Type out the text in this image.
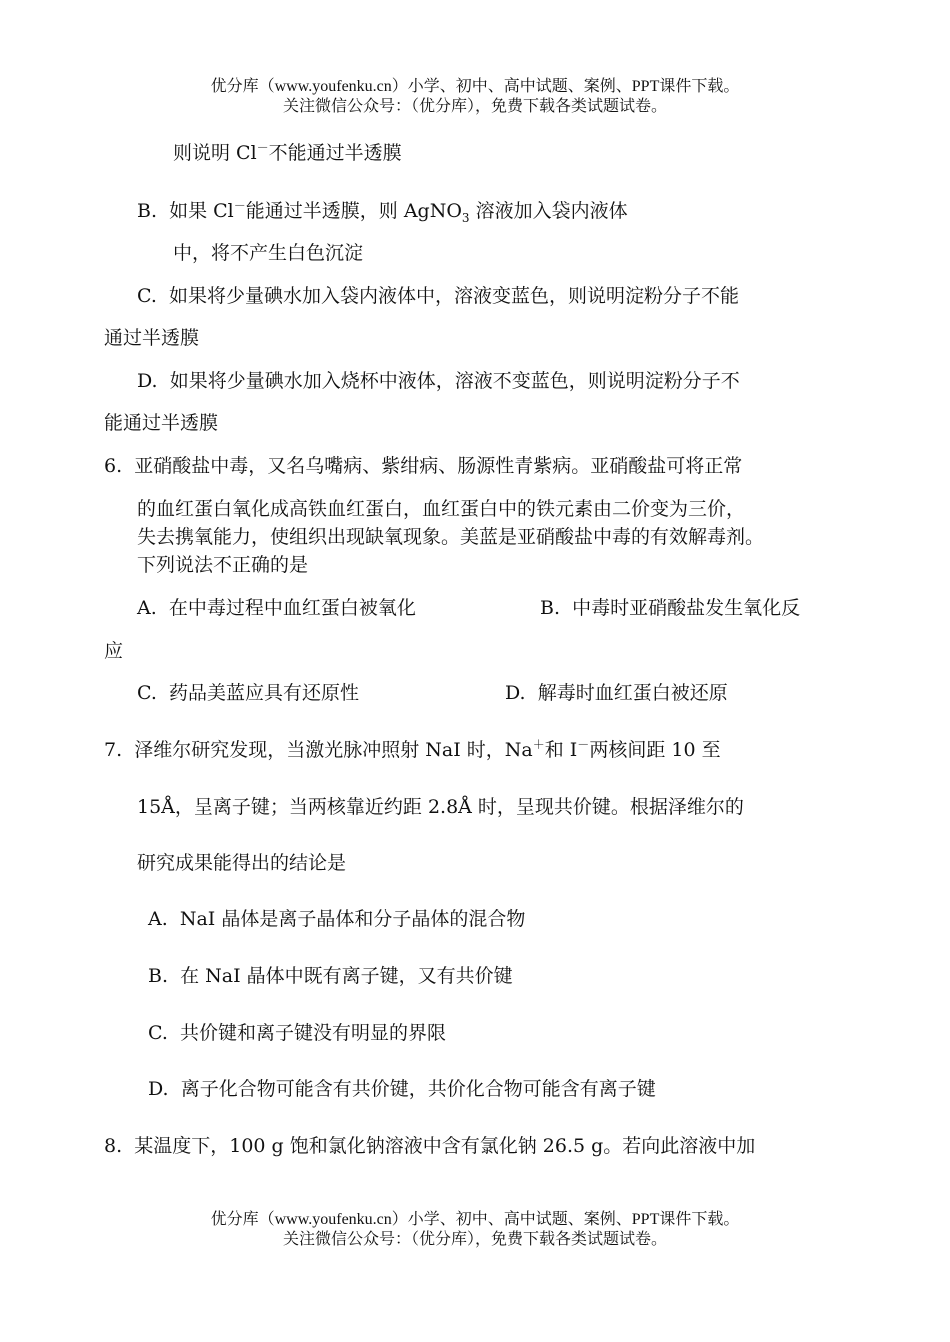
优分库（www.youfenku.cn）小学、初中、高中试题、案例、PPT课件下载。
关注微信公众号：（优分库），免费下载各类试题试卷。
则说明 Cl－不能通过半透膜
B. 如果 Cl－能通过半透膜，则 AgNO$_3$ 溶液加入袋内液体
中，将不产生白色沉淀
C. 如果将少量碘水加入袋内液体中，溶液变蓝色，则说明淀粉分子不能
通过半透膜
D. 如果将少量碘水加入烧杯中液体，溶液不变蓝色，则说明淀粉分子不
能通过半透膜
6. 亚硝酸盐中毒，又名乌嘴病、紫绀病、肠源性青紫病。亚硝酸盐可将正常
的血红蛋白氧化成高铁血红蛋白，血红蛋白中的铁元素由二价变为三价，
失去携氧能力，使组织出现缺氧现象。美蓝是亚硝酸盐中毒的有效解毒剂。
下列说法不正确的是
A. 在中毒过程中血红蛋白被氧化	B. 中毒时亚硝酸盐发生氧化反
应
C. 药品美蓝应具有还原性	D. 解毒时血红蛋白被还原
7. 泽维尔研究发现，当激光脉冲照射 NaI 时，Na＋和 I－两核间距 10 至
15Å，呈离子键；当两核靠近约距 2.8Å 时，呈现共价键。根据泽维尔的
研究成果能得出的结论是
A. NaI 晶体是离子晶体和分子晶体的混合物
B. 在 NaI 晶体中既有离子键，又有共价键
C. 共价键和离子键没有明显的界限
D. 离子化合物可能含有共价键，共价化合物可能含有离子键
8. 某温度下，100 g 饱和氯化钠溶液中含有氯化钠 26.5 g。若向此溶液中加
优分库（www.youfenku.cn）小学、初中、高中试题、案例、PPT课件下载。
关注微信公众号：（优分库），免费下载各类试题试卷。
